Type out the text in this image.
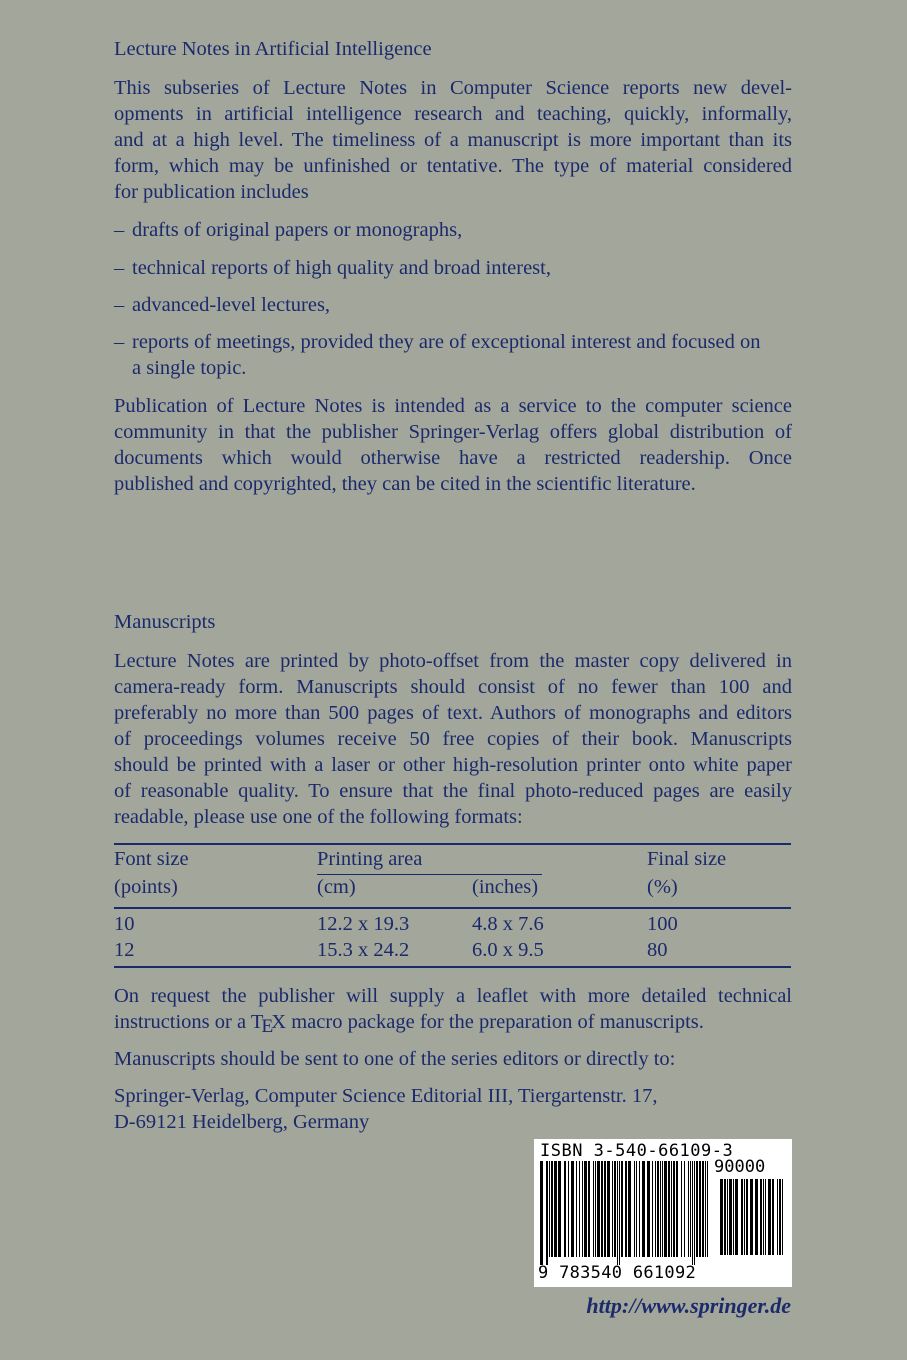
Lecture Notes in Artificial Intelligence

This subseries of Lecture Notes in Computer Science reports new devel-

opments in artificial intelligence research and teaching, quickly, informally,

and at a high level. The timeliness of a manuscript is more important than its

form, which may be unfinished or tentative. The type of material considered

for publication includes

– drafts of original papers or monographs,
– technical reports of high quality and broad interest,
– advanced-level lectures,
– reports of meetings, provided they are of exceptional interest and focused on
a single topic.

Publication of Lecture Notes is intended as a service to the computer science

community in that the publisher Springer-Verlag offers global distribution of

documents which would otherwise have a restricted readership. Once

published and copyrighted, they can be cited in the scientific literature.

Manuscripts

Lecture Notes are printed by photo-offset from the master copy delivered in

camera-ready form. Manuscripts should consist of no fewer than 100 and

preferably no more than 500 pages of text. Authors of monographs and editors

of proceedings volumes receive 50 free copies of their book. Manuscripts

should be printed with a laser or other high-resolution printer onto white paper

of reasonable quality. To ensure that the final photo-reduced pages are easily

readable, please use one of the following formats:

Font size	Printing area	Final size
(points)	(cm)	(inches)	(%)
10	12.2 x 19.3	4.8 x 7.6	100
12	15.3 x 24.2	6.0 x 9.5	80

On request the publisher will supply a leaflet with more detailed technical

instructions or a TEX macro package for the preparation of manuscripts.

Manuscripts should be sent to one of the series editors or directly to:

Springer-Verlag, Computer Science Editorial III, Tiergartenstr. 17,

D-69121 Heidelberg, Germany

ISBN 3-540-66109-3
90000
9 783540 661092
http://www.springer.de
